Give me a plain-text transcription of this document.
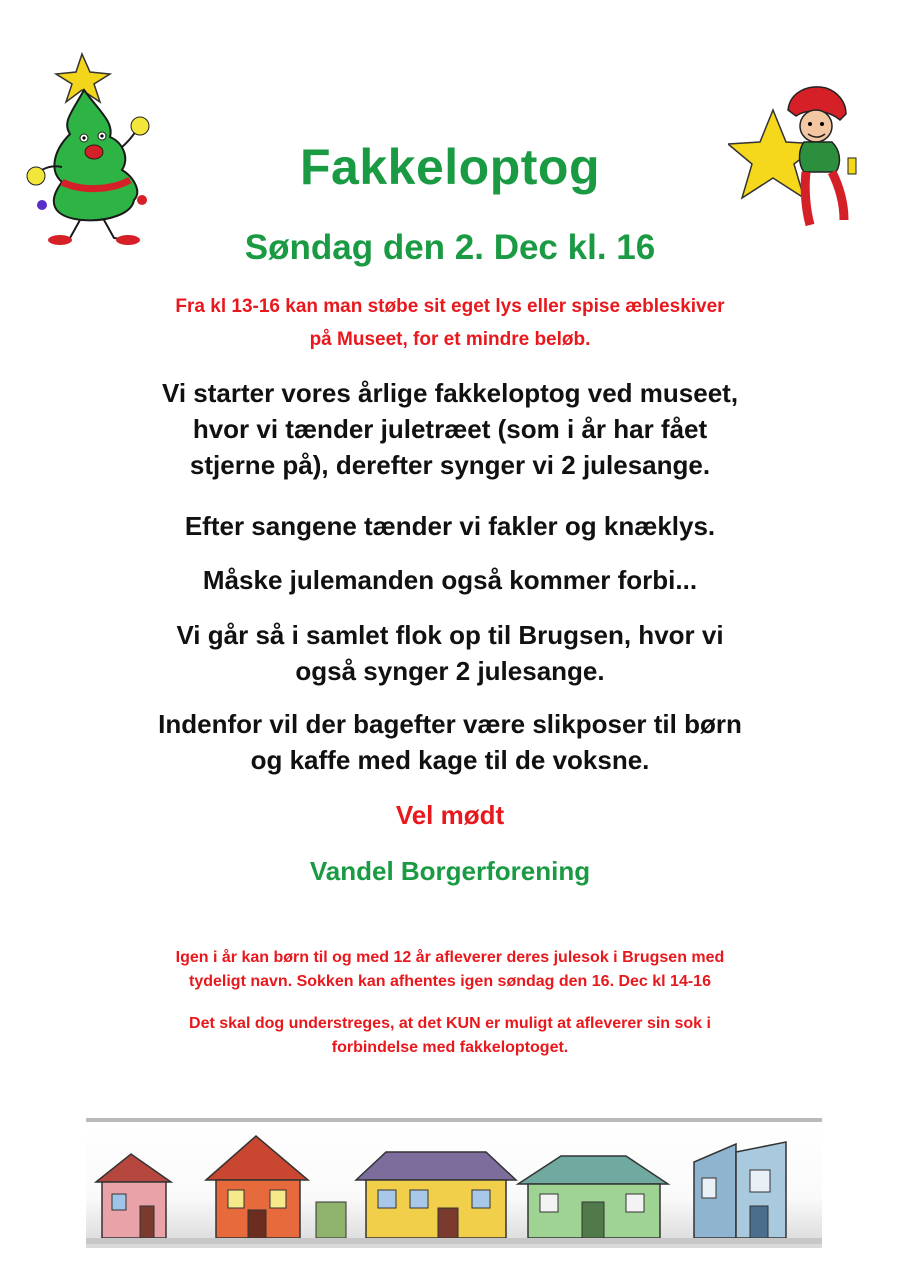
Fakkeloptog
Søndag den 2. Dec kl. 16
Fra kl 13-16 kan man støbe sit eget lys eller spise æbleskiver
på Museet, for et mindre beløb.
Vi starter vores årlige fakkeloptog ved museet,
hvor vi tænder juletræet (som i år har fået
stjerne på), derefter synger vi 2 julesange.
Efter sangene tænder vi fakler og knæklys.
Måske julemanden også kommer forbi...
Vi går så i samlet flok op til Brugsen, hvor vi
også synger 2 julesange.
Indenfor vil der bagefter være slikposer til børn
og kaffe med kage til de voksne.
Vel mødt
Vandel Borgerforening
Igen i år kan børn til og med 12 år afleverer deres julesok i Brugsen med
tydeligt navn. Sokken kan afhentes igen søndag den 16. Dec kl 14-16
Det skal dog understreges, at det KUN er muligt at afleverer sin sok i
forbindelse med fakkeloptoget.
